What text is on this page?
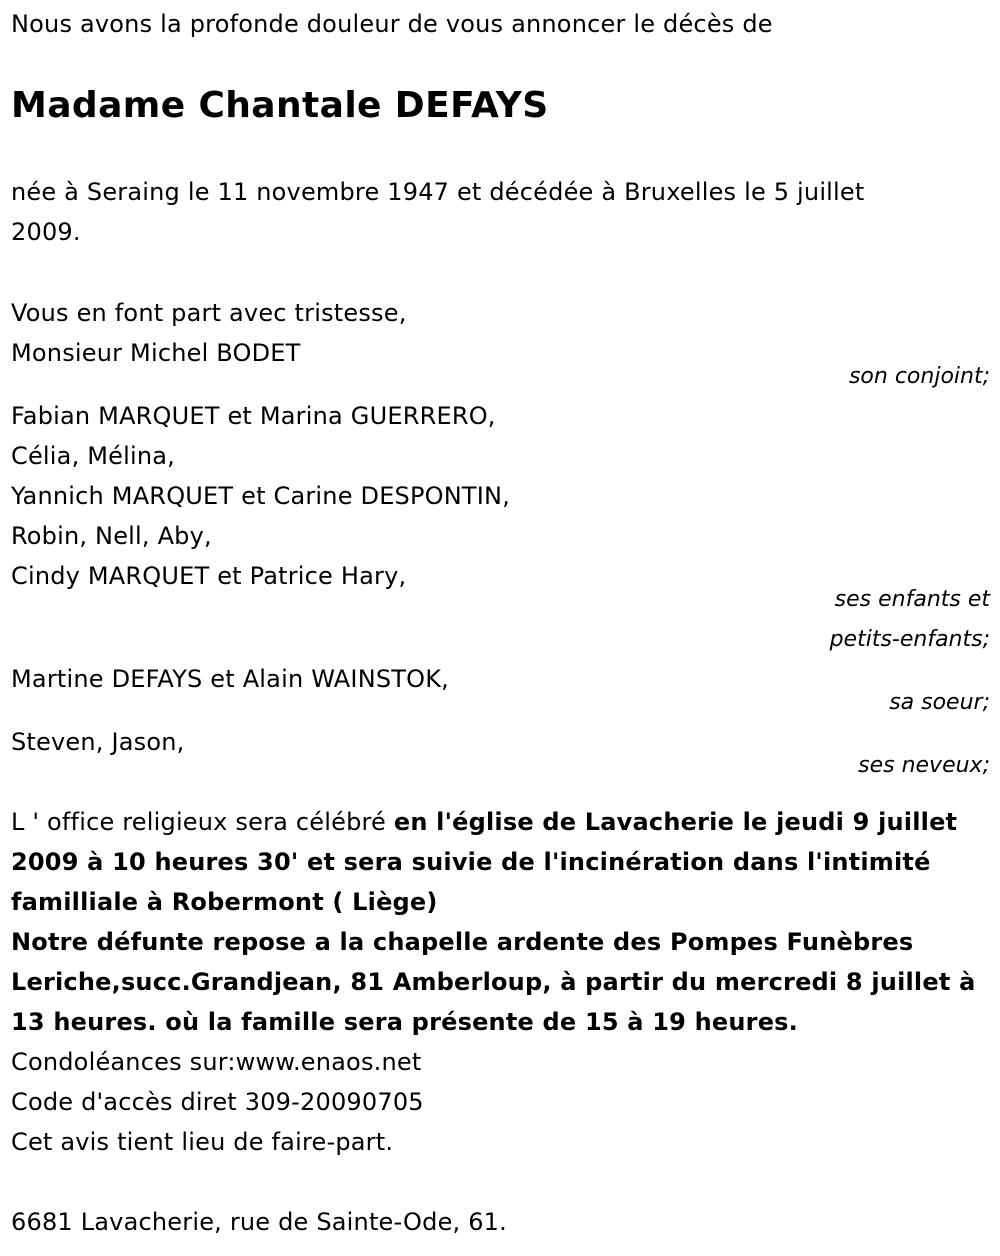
Nous avons la profonde douleur de vous annoncer le décès de
Madame Chantale DEFAYS
née à Seraing le 11 novembre 1947 et décédée à Bruxelles le 5 juillet
2009.
Vous en font part avec tristesse,
Monsieur Michel BODET
son conjoint;
Fabian MARQUET et Marina GUERRERO,
Célia, Mélina,
Yannich MARQUET et Carine DESPONTIN,
Robin, Nell, Aby,
Cindy MARQUET et Patrice Hary,
ses enfants et
petits-enfants;
Martine DEFAYS et Alain WAINSTOK,
sa soeur;
Steven, Jason,
ses neveux;
L ' office religieux sera célébré en l'église de Lavacherie le jeudi 9 juillet
2009 à 10 heures 30' et sera suivie de l'incinération dans l'intimité
familliale à Robermont ( Liège)
Notre défunte repose a la chapelle ardente des Pompes Funèbres
Leriche,succ.Grandjean, 81 Amberloup, à partir du mercredi 8 juillet à
13 heures. où la famille sera présente de 15 à 19 heures.
Condoléances sur:www.enaos.net
Code d'accès diret 309-20090705
Cet avis tient lieu de faire-part.
6681 Lavacherie, rue de Sainte-Ode, 61.
